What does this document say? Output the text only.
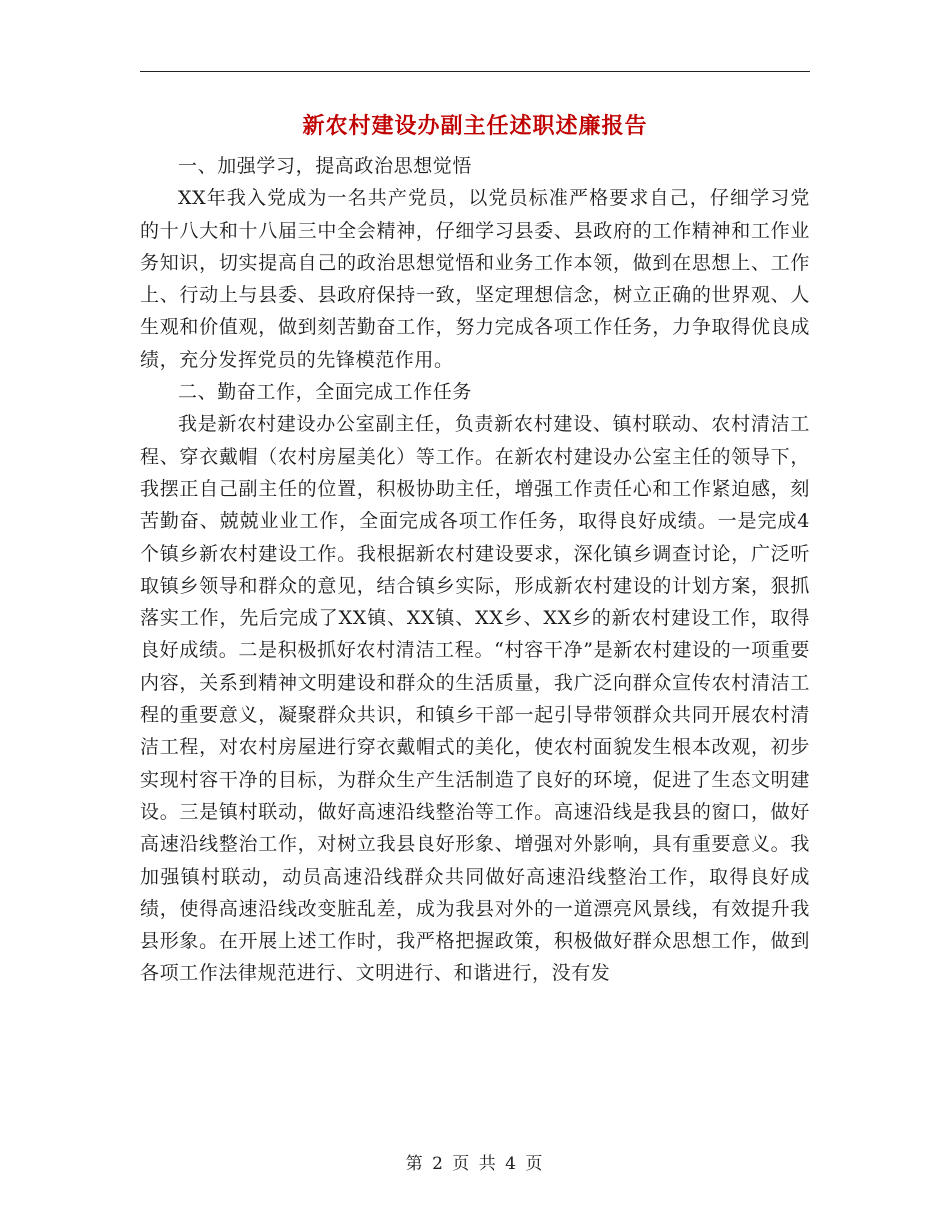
新农村建设办副主任述职述廉报告

一、加强学习，提高政治思想觉悟

XX年我入党成为一名共产党员，以党员标准严格要求自己，仔细学习党的十八大和十八届三中全会精神，仔细学习县委、县政府的工作精神和工作业务知识，切实提高自己的政治思想觉悟和业务工作本领，做到在思想上、工作上、行动上与县委、县政府保持一致，坚定理想信念，树立正确的世界观、人生观和价值观，做到刻苦勤奋工作，努力完成各项工作任务，力争取得优良成绩，充分发挥党员的先锋模范作用。

二、勤奋工作，全面完成工作任务

我是新农村建设办公室副主任，负责新农村建设、镇村联动、农村清洁工程、穿衣戴帽（农村房屋美化）等工作。在新农村建设办公室主任的领导下，我摆正自己副主任的位置，积极协助主任，增强工作责任心和工作紧迫感，刻苦勤奋、兢兢业业工作，全面完成各项工作任务，取得良好成绩。一是完成4个镇乡新农村建设工作。我根据新农村建设要求，深化镇乡调查讨论，广泛听取镇乡领导和群众的意见，结合镇乡实际，形成新农村建设的计划方案，狠抓落实工作，先后完成了XX镇、XX镇、XX乡、XX乡的新农村建设工作，取得良好成绩。二是积极抓好农村清洁工程。“村容干净”是新农村建设的一项重要内容，关系到精神文明建设和群众的生活质量，我广泛向群众宣传农村清洁工程的重要意义，凝聚群众共识，和镇乡干部一起引导带领群众共同开展农村清洁工程，对农村房屋进行穿衣戴帽式的美化，使农村面貌发生根本改观，初步实现村容干净的目标，为群众生产生活制造了良好的环境，促进了生态文明建设。三是镇村联动，做好高速沿线整治等工作。高速沿线是我县的窗口，做好高速沿线整治工作，对树立我县良好形象、增强对外影响，具有重要意义。我加强镇村联动，动员高速沿线群众共同做好高速沿线整治工作，取得良好成绩，使得高速沿线改变脏乱差，成为我县对外的一道漂亮风景线，有效提升我县形象。在开展上述工作时，我严格把握政策，积极做好群众思想工作，做到各项工作法律规范进行、文明进行、和谐进行，没有发

第 2 页 共 4 页
